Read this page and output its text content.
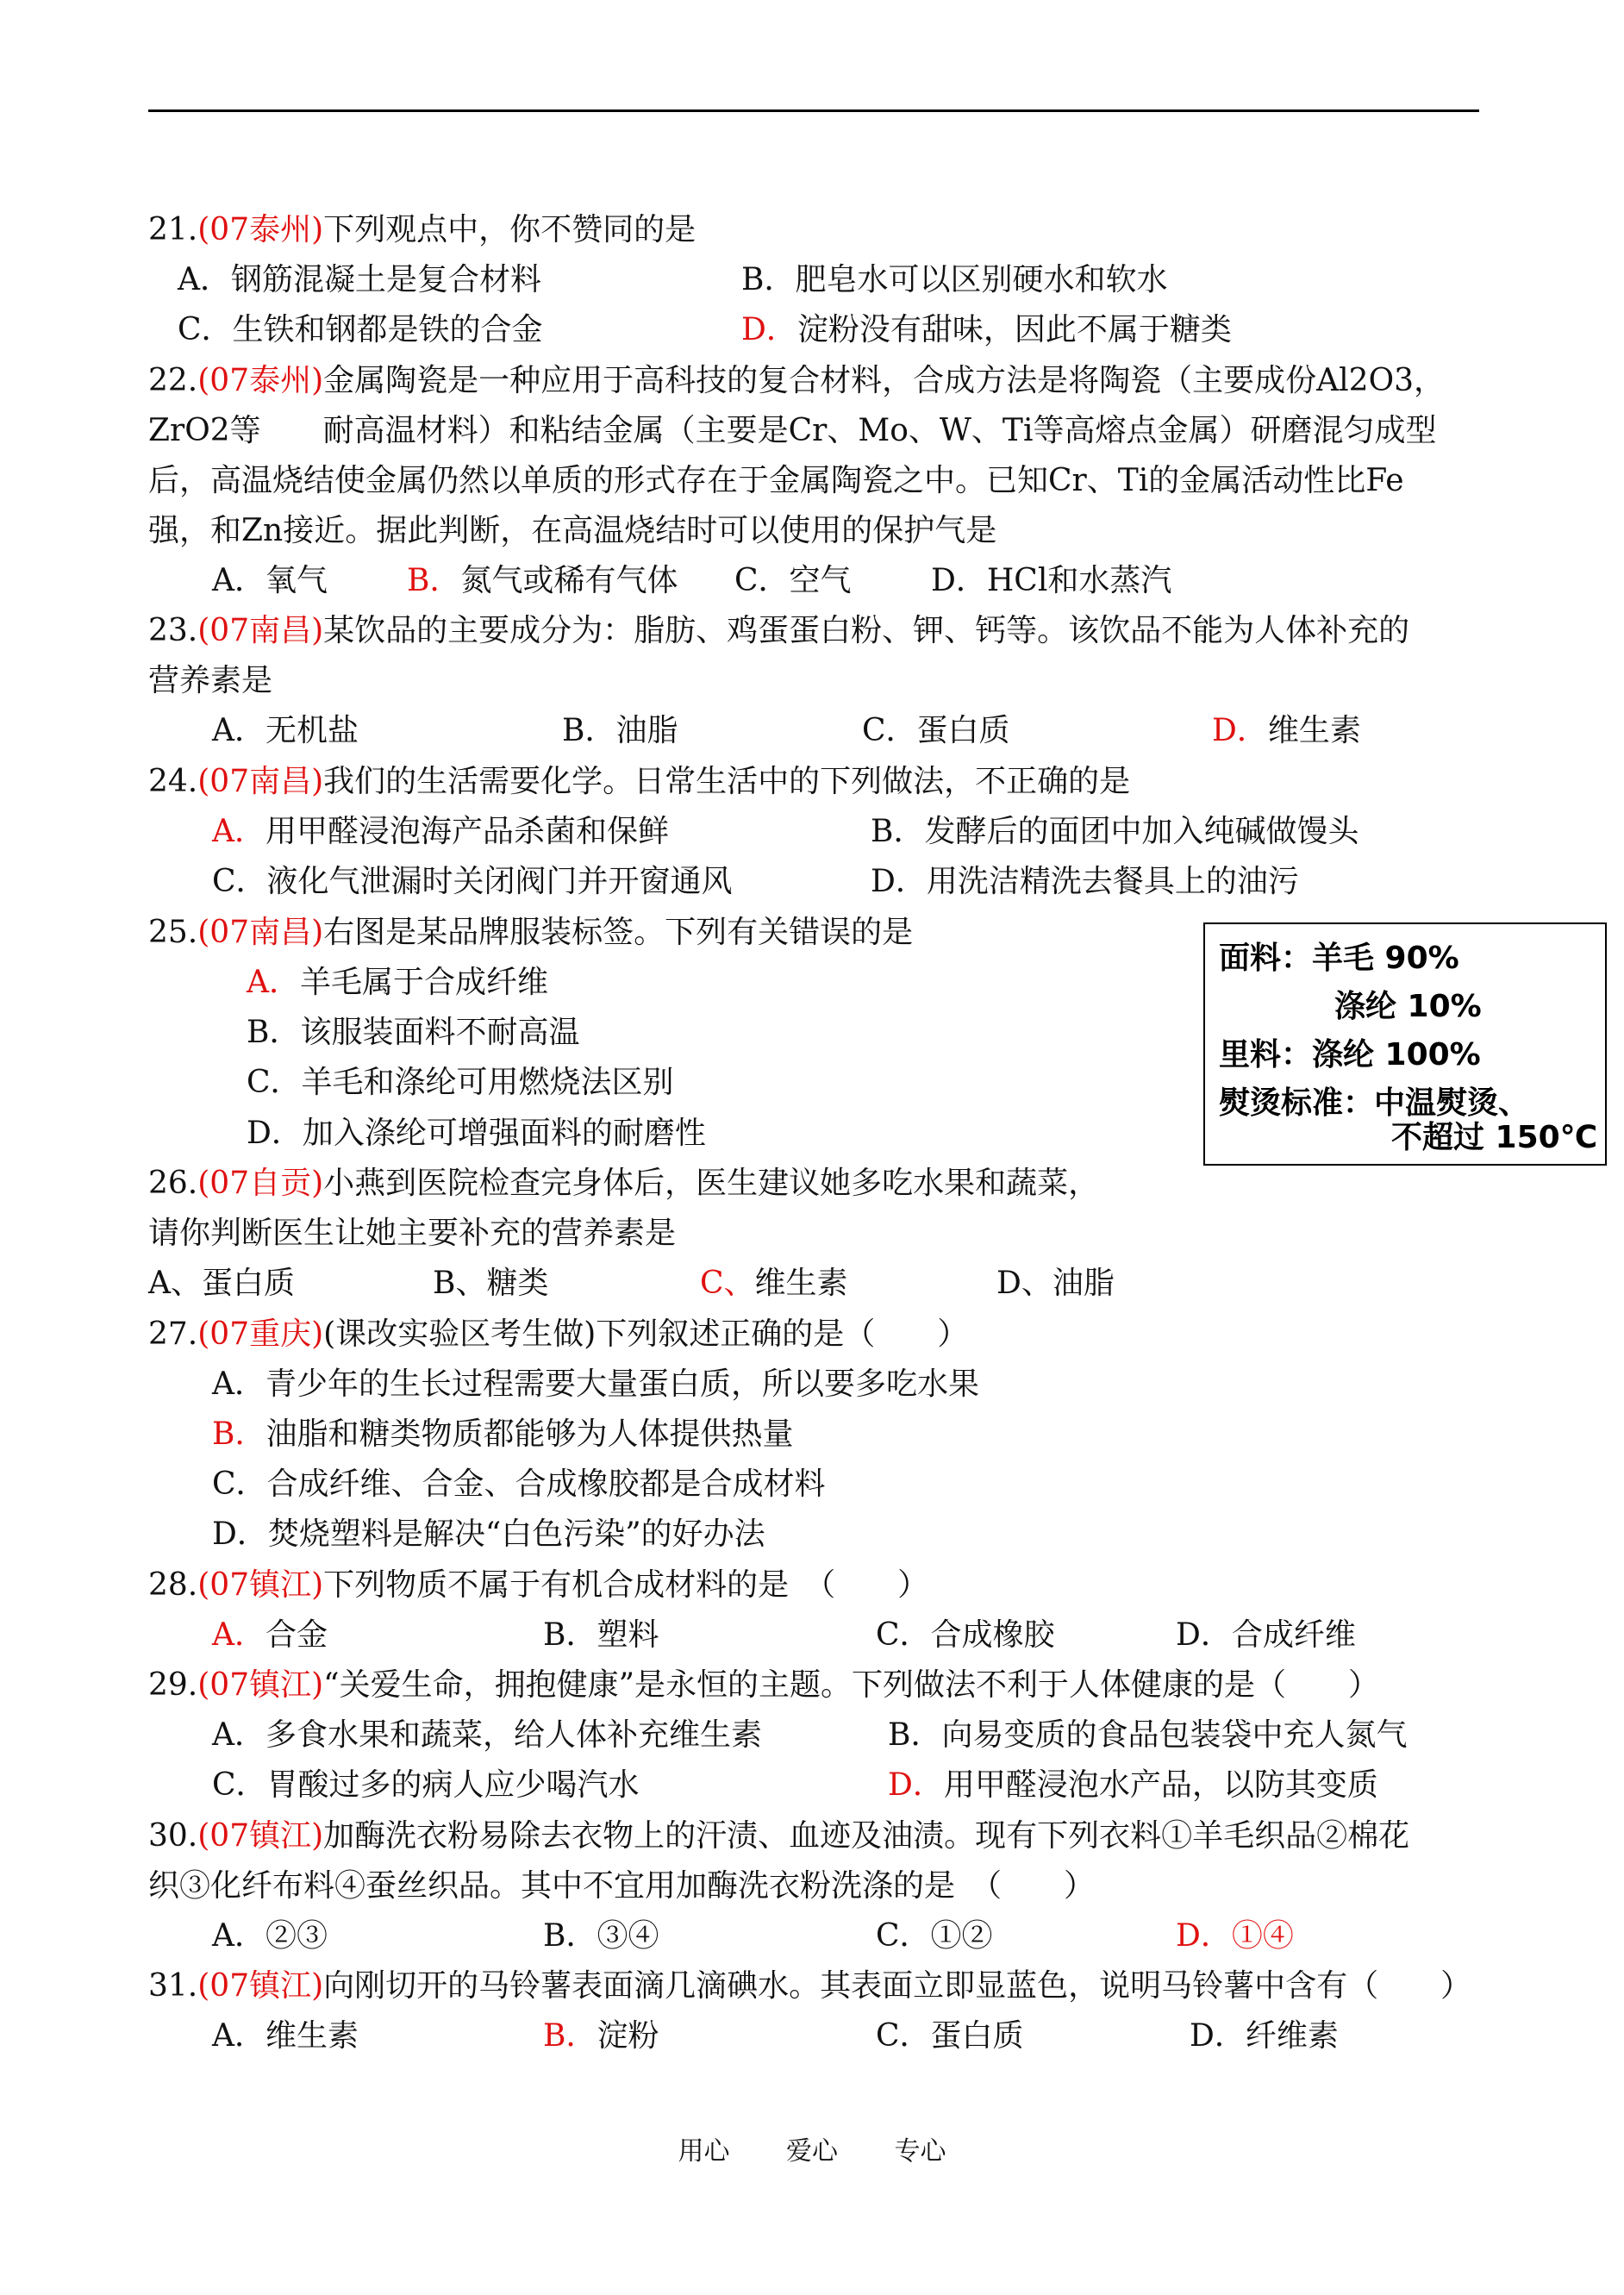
21.(07泰州)下列观点中，你不赞同的是
A．钢筋混凝土是复合材料	B．肥皂水可以区别硬水和软水
C．生铁和钢都是铁的合金	D．淀粉没有甜味，因此不属于糖类
22.(07泰州)金属陶瓷是一种应用于高科技的复合材料，合成方法是将陶瓷（主要成份Al2O3，
ZrO2等　　耐高温材料）和粘结金属（主要是Cr、Mo、W、Ti等高熔点金属）研磨混匀成型
后，高温烧结使金属仍然以单质的形式存在于金属陶瓷之中。已知Cr、Ti的金属活动性比Fe
强，和Zn接近。据此判断，在高温烧结时可以使用的保护气是
A．氧气	B．氮气或稀有气体 C．空气	D．HCl和水蒸汽
23.(07南昌)某饮品的主要成分为：脂肪、鸡蛋蛋白粉、钾、钙等。该饮品不能为人体补充的
营养素是
A．无机盐	B．油脂	C．蛋白质	D．维生素
24.(07南昌)我们的生活需要化学。日常生活中的下列做法，不正确的是
A．用甲醛浸泡海产品杀菌和保鲜	B．发酵后的面团中加入纯碱做馒头
C．液化气泄漏时关闭阀门并开窗通风	D．用洗洁精洗去餐具上的油污
25.(07南昌)右图是某品牌服装标签。下列有关错误的是
A．羊毛属于合成纤维
B．该服装面料不耐高温
C．羊毛和涤纶可用燃烧法区别
D．加入涤纶可增强面料的耐磨性
面料：羊毛 90%
涤纶 10%
里料：涤纶 100%
熨烫标准：中温熨烫、
不超过 150℃
26.(07自贡)小燕到医院检查完身体后，医生建议她多吃水果和蔬菜，
请你判断医生让她主要补充的营养素是
A、蛋白质	B、糖类	C、维生素	D、油脂
27.(07重庆)(课改实验区考生做)下列叙述正确的是（　　）
A．青少年的生长过程需要大量蛋白质，所以要多吃水果
B．油脂和糖类物质都能够为人体提供热量
C．合成纤维、合金、合成橡胶都是合成材料
D．焚烧塑料是解决“白色污染”的好办法
28.(07镇江)下列物质不属于有机合成材料的是　（　　）
A．合金	B．塑料	C．合成橡胶	D．合成纤维
29.(07镇江)“关爱生命，拥抱健康”是永恒的主题。下列做法不利于人体健康的是（　　）
A．多食水果和蔬菜，给人体补充维生素	B．向易变质的食品包装袋中充人氮气
C．胃酸过多的病人应少喝汽水	D．用甲醛浸泡水产品，以防其变质
30.(07镇江)加酶洗衣粉易除去衣物上的汗渍、血迹及油渍。现有下列衣料①羊毛织品②棉花
织③化纤布料④蚕丝织品。其中不宜用加酶洗衣粉洗涤的是　（　　）
A．②③	B．③④	C．①②	D．①④
31.(07镇江)向刚切开的马铃薯表面滴几滴碘水。其表面立即显蓝色，说明马铃薯中含有（　　）
A．维生素	B．淀粉	C．蛋白质	D．纤维素
用心 爱心 专心
